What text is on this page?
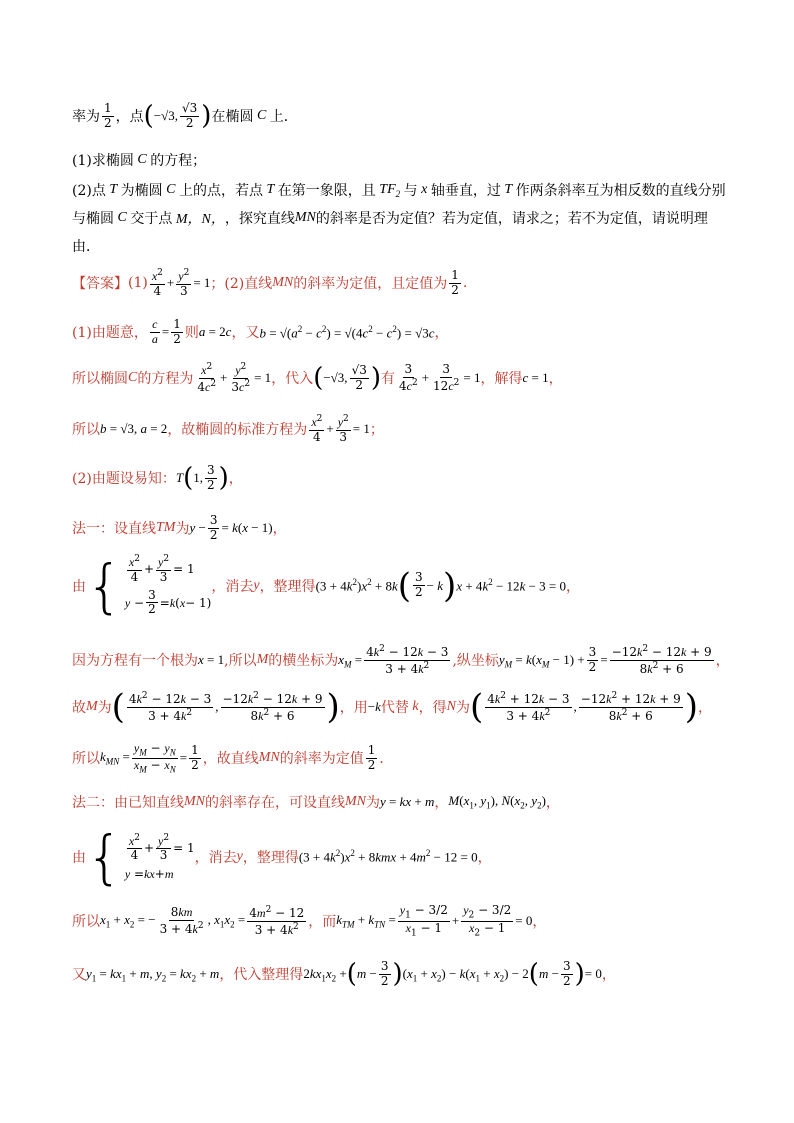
率为 $\frac{1}{2}$ ，点 ( −√3, $\frac{√3}{2}$ ) 在椭圆 C 上．
(1)求椭圆 C 的方程；
(2)点 T 为椭圆 C 上的点，若点 T 在第一象限，且 $TF_2$ 与 x 轴垂直，过 T 作两条斜率互为相反数的直线分别
与椭圆 C 交于点 M，N， ，探究直线 MN 的斜率是否为定值？若为定值，请求之；若不为定值，请说明理
由．
【答案】 $(1) \frac{x^2}{4} + \frac{y^2}{3} = 1$ ； (2)直线 MN 的斜率为定值，且定值为 $\frac{1}{2}$ .
(1)由题意， $\frac{c}{a} = \frac{1}{2}$ 则 a = 2c ，又 $b = √(a^2 - c^2) = √(4c^2 - c^2) = √3c$ ，
所以椭圆 C 的方程为 $\frac{x^2}{4c^2} + \frac{y^2}{3c^2} = 1$ ，代入 ( −√3, $\frac{√3}{2}$ ) 有 $\frac{3}{4c^2} + \frac{3}{12c^2} = 1$ ，解得 c = 1 ，
所以 b = √3, a = 2 ，故椭圆的标准方程为 $\frac{x^2}{4} + \frac{y^2}{3} = 1$ ；
(2)由题设易知： T ( 1, $\frac{3}{2}$ ) ，
法一：设直线 TM 为 $y - \frac{3}{2} = k(x - 1)$ ，
由 { $\frac{x^2}{4} + \frac{y^2}{3} = 1$
$y - \frac{3}{2} = k$ ( x − 1)
，消去 y ，整理得 $(3 + 4k^2)x^2 + 8k$ ( $\frac{3}{2} - k$ ) $x + 4k^2 - 12k - 3 = 0$ ，
因为方程有一个根为 x = 1 ,所以 M 的横坐标为 $x_M = \frac{4k^2 - 12k - 3}{3 + 4k^2}$ ,纵坐标 $y_M = k(x_M - 1) + \frac{3}{2} = \frac{-12k^2 - 12k + 9}{8k^2 + 6}$ ，
故 M 为 ( $\frac{4k^2 - 12k - 3}{3 + 4k^2}$ , $\frac{-12k^2 - 12k + 9}{8k^2 + 6}$ ) ，用 −k 代替 k ，得 N 为 ( $\frac{4k^2 + 12k - 3}{3 + 4k^2}$ , $\frac{-12k^2 + 12k + 9}{8k^2 + 6}$ ) ，
所以 $k_{MN} = \frac{y_M - y_N}{x_M - x_N} = \frac{1}{2}$ ，故直线 MN 的斜率为定值 $\frac{1}{2}$ ．
法二：由已知直线 MN 的斜率存在，可设直线 MN 为 y = kx + m ， $M(x_1$, $y_1$), $N(x_2$, $y_2$) ，
由 { $\frac{x^2}{4} + \frac{y^2}{3} = 1$
y = kx + m
，消去 y ，整理得 $(3 + 4k^2)x^2 + 8kmx + 4m^2 - 12 = 0$ ，
所以 $x_1 + x_2$ = − $\frac{8km}{3 + 4k^2}$ , $x_1x_2 = \frac{4m^2 - 12}{3 + 4k^2}$ ，而 $k_{TM} + k_{TN} = \frac{y_1 - 3/2}{x_1 - 1} + \frac{y_2 - 3/2}{x_2 - 1} = 0$ ，
又 $y_1 = kx_1 + m$, $y_2 = kx_2 + m$ ，代入整理得 $2kx_1x_2$ + ( $m - \frac{3}{2}$ ) $(x_1 + x_2) - k(x_1 + x_2) - 2$ ( $m - \frac{3}{2}$ ) = 0 ，
